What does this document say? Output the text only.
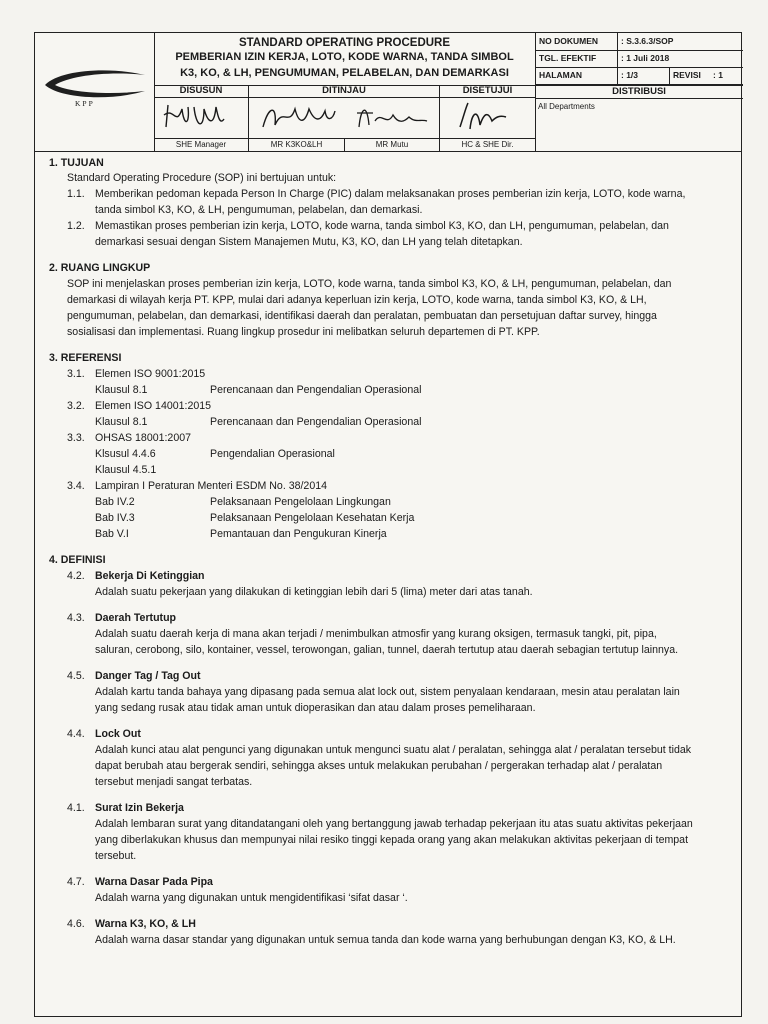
KPP
STANDARD OPERATING PROCEDURE
PEMBERIAN IZIN KERJA, LOTO, KODE WARNA, TANDA SIMBOL
K3, KO, & LH, PENGUMUMAN, PELABELAN, DAN DEMARKASI
DISUSUN
SHE Manager
DITINJAU
MR K3KO&LH	MR Mutu
DISETUJUI
HC & SHE Dir.
NO DOKUMEN	: S.3.6.3/SOP
TGL. EFEKTIF	: 1 Juli 2018
HALAMAN	: 1/3	REVISI : 1
DISTRIBUSI
All Departments
1. TUJUAN
Standard Operating Procedure (SOP) ini bertujuan untuk:
1.1. Memberikan pedoman kepada Person In Charge (PIC) dalam melaksanakan proses pemberian izin kerja, LOTO, kode warna,
tanda simbol K3, KO, & LH, pengumuman, pelabelan, dan demarkasi.
1.2. Memastikan proses pemberian izin kerja, LOTO, kode warna, tanda simbol K3, KO, dan LH, pengumuman, pelabelan, dan
demarkasi sesuai dengan Sistem Manajemen Mutu, K3, KO, dan LH yang telah ditetapkan.
2. RUANG LINGKUP
SOP ini menjelaskan proses pemberian izin kerja, LOTO, kode warna, tanda simbol K3, KO, & LH, pengumuman, pelabelan, dan
demarkasi di wilayah kerja PT. KPP, mulai dari adanya keperluan izin kerja, LOTO, kode warna, tanda simbol K3, KO, & LH,
pengumuman, pelabelan, dan demarkasi, identifikasi daerah dan peralatan, pembuatan dan persetujuan daftar survey, hingga
sosialisasi dan implementasi. Ruang lingkup prosedur ini melibatkan seluruh departemen di PT. KPP.
3. REFERENSI
3.1. Elemen ISO 9001:2015
Klausul 8.1	Perencanaan dan Pengendalian Operasional
3.2. Elemen ISO 14001:2015
Klausul 8.1	Perencanaan dan Pengendalian Operasional
3.3. OHSAS 18001:2007
Klsusul 4.4.6	Pengendalian Operasional
Klausul 4.5.1
3.4. Lampiran I Peraturan Menteri ESDM No. 38/2014
Bab IV.2	Pelaksanaan Pengelolaan Lingkungan
Bab IV.3	Pelaksanaan Pengelolaan Kesehatan Kerja
Bab V.I	Pemantauan dan Pengukuran Kinerja
4. DEFINISI
4.2. Bekerja Di Ketinggian
Adalah suatu pekerjaan yang dilakukan di ketinggian lebih dari 5 (lima) meter dari atas tanah.
4.3. Daerah Tertutup
Adalah suatu daerah kerja di mana akan terjadi / menimbulkan atmosfir yang kurang oksigen, termasuk tangki, pit, pipa,
saluran, cerobong, silo, kontainer, vessel, terowongan, galian, tunnel, daerah tertutup atau daerah sebagian tertutup lainnya.
4.5. Danger Tag / Tag Out
Adalah kartu tanda bahaya yang dipasang pada semua alat lock out, sistem penyalaan kendaraan, mesin atau peralatan lain
yang sedang rusak atau tidak aman untuk dioperasikan dan atau dalam proses pemeliharaan.
4.4. Lock Out
Adalah kunci atau alat pengunci yang digunakan untuk mengunci suatu alat / peralatan, sehingga alat / peralatan tersebut tidak
dapat berubah atau bergerak sendiri, sehingga akses untuk melakukan perubahan / pergerakan terhadap alat / peralatan
tersebut menjadi sangat terbatas.
4.1. Surat Izin Bekerja
Adalah lembaran surat yang ditandatangani oleh yang bertanggung jawab terhadap pekerjaan itu atas suatu aktivitas pekerjaan
yang diberlakukan khusus dan mempunyai nilai resiko tinggi kepada orang yang akan melakukan aktivitas pekerjaan di tempat
tersebut.
4.7. Warna Dasar Pada Pipa
Adalah warna yang digunakan untuk mengidentifikasi ‘sifat dasar ‘.
4.6. Warna K3, KO, & LH
Adalah warna dasar standar yang digunakan untuk semua tanda dan kode warna yang berhubungan dengan K3, KO, & LH.
